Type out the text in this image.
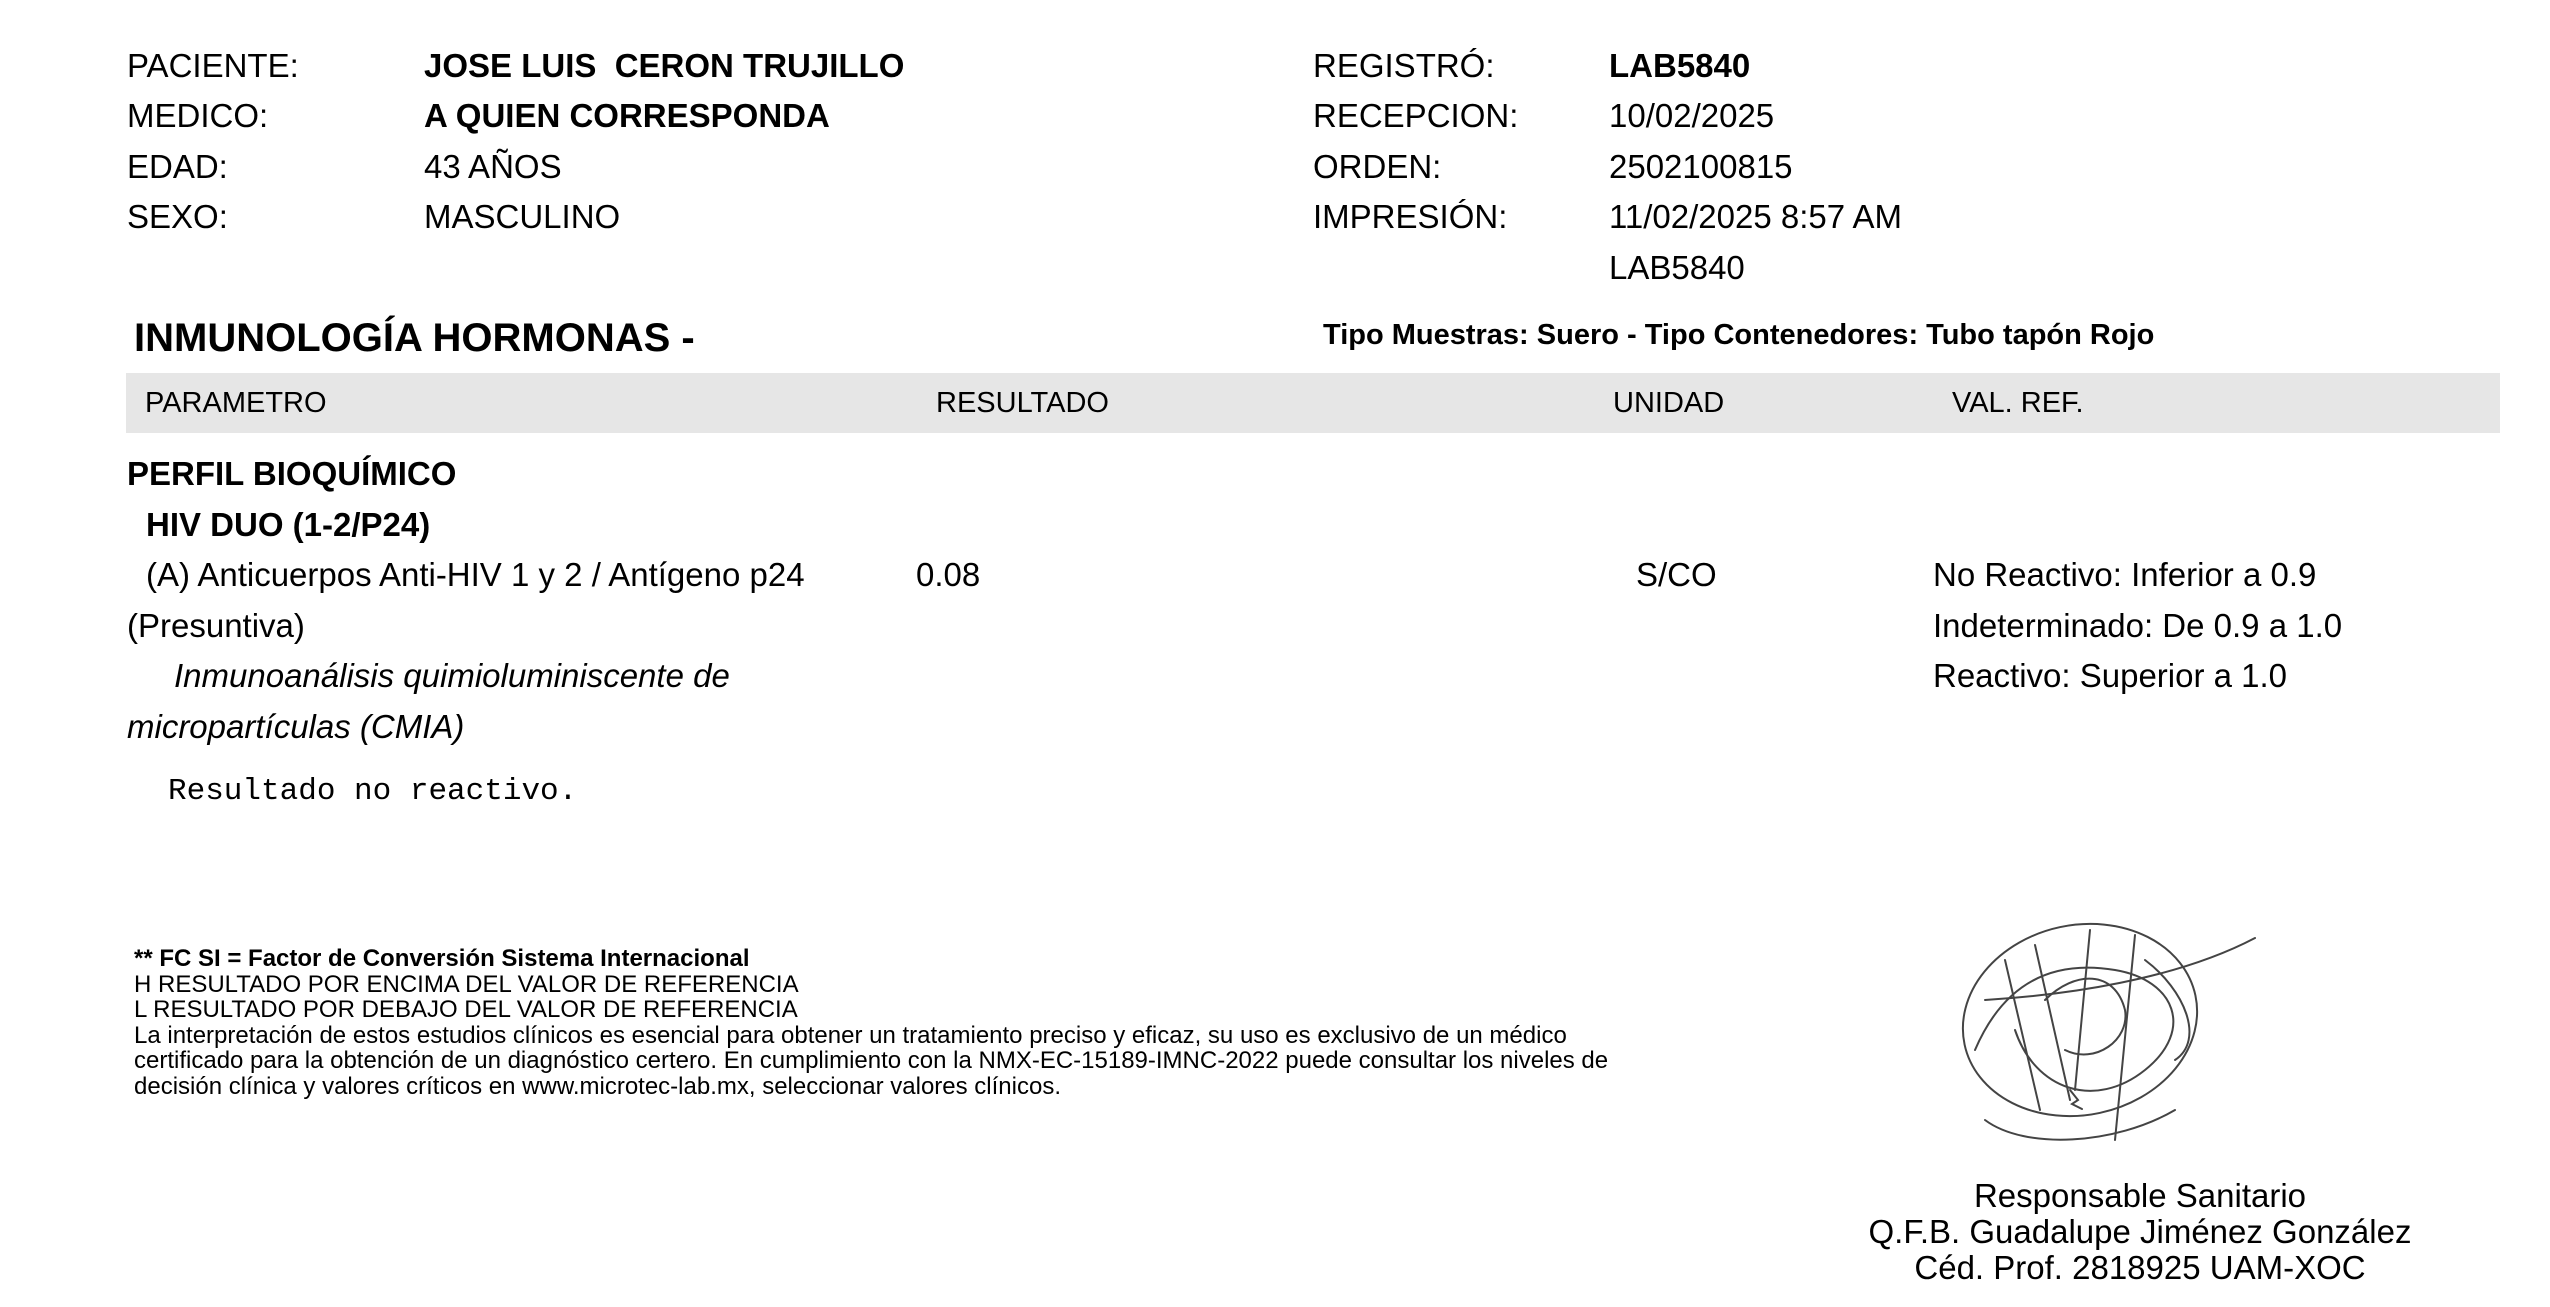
PACIENTE:	JOSE LUIS  CERON TRUJILLO
MEDICO:	A QUIEN CORRESPONDA
EDAD:	43 AÑOS
SEXO:	MASCULINO
REGISTRÓ:	LAB5840
RECEPCION:	10/02/2025
ORDEN:	2502100815
IMPRESIÓN:	11/02/2025 8:57 AM
LAB5840
INMUNOLOGÍA HORMONAS -	Tipo Muestras: Suero - Tipo Contenedores: Tubo tapón Rojo
PARAMETRO	RESULTADO	UNIDAD	VAL. REF.
PERFIL BIOQUÍMICO
HIV DUO (1-2/P24)
(A) Anticuerpos Anti-HIV 1 y 2 / Antígeno p24
(Presuntiva)
Inmunoanálisis quimioluminiscente de
micropartículas (CMIA)
0.08	S/CO	No Reactivo: Inferior a 0.9
Indeterminado: De 0.9 a 1.0
Reactivo: Superior a 1.0
Resultado no reactivo.
** FC SI = Factor de Conversión Sistema Internacional
H RESULTADO POR ENCIMA DEL VALOR DE REFERENCIA
L RESULTADO POR DEBAJO DEL VALOR DE REFERENCIA
La interpretación de estos estudios clínicos es esencial para obtener un tratamiento preciso y eficaz, su uso es exclusivo de un médico
certificado para la obtención de un diagnóstico certero. En cumplimiento con la NMX-EC-15189-IMNC-2022 puede consultar los niveles de
decisión clínica y valores críticos en www.microtec-lab.mx, seleccionar valores clínicos.
Responsable Sanitario
Q.F.B. Guadalupe Jiménez González
Céd. Prof. 2818925 UAM-XOC
